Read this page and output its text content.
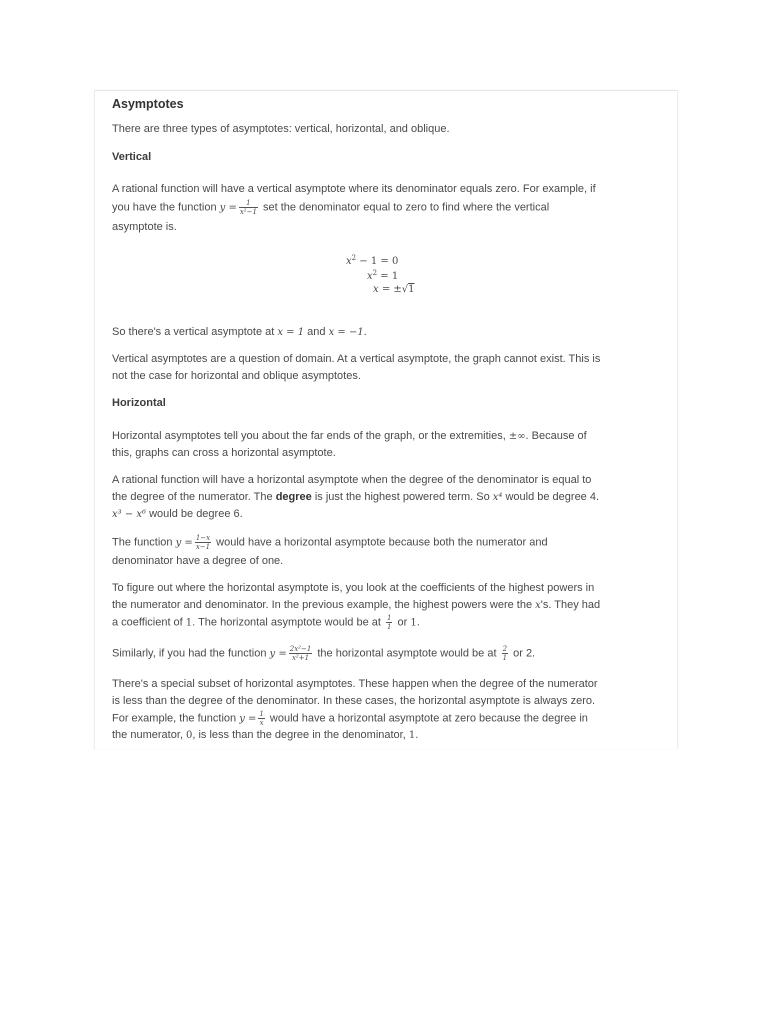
Asymptotes
There are three types of asymptotes: vertical, horizontal, and oblique.
Vertical
A rational function will have a vertical asymptote where its denominator equals zero. For example, if
you have the function $y = \frac{1}{\text{x²−1}}$ set the denominator equal to zero to find where the vertical
asymptote is.
$x^2 - 1 = 0$
$x^2 = 1$
x = ±√1
So there's a vertical asymptote at x = 1 and x = −1.
Vertical asymptotes are a question of domain. At a vertical asymptote, the graph cannot exist. This is
not the case for horizontal and oblique asymptotes.
Horizontal
Horizontal asymptotes tell you about the far ends of the graph, or the extremities, ±∞. Because of
this, graphs can cross a horizontal asymptote.
A rational function will have a horizontal asymptote when the degree of the denominator is equal to
the degree of the numerator. The degree is just the highest powered term. So x⁴ would be degree 4.
x³ − x⁶ would be degree 6.
The function $y = \frac{1-x}{x-1}$ would have a horizontal asymptote because both the numerator and
denominator have a degree of one.
To figure out where the horizontal asymptote is, you look at the coefficients of the highest powers in
the numerator and denominator. In the previous example, the highest powers were the x's. They had
a coefficient of 1. The horizontal asymptote would be at $\frac{1}{1}$ or 1.
Similarly, if you had the function $y = \frac{\text{2x²−1}}{\text{x²+1}}$ the horizontal asymptote would be at $\frac{2}{1}$ or 2.
There's a special subset of horizontal asymptotes. These happen when the degree of the numerator
is less than the degree of the denominator. In these cases, the horizontal asymptote is always zero.
For example, the function $y = \frac{1}{x}$ would have a horizontal asymptote at zero because the degree in
the numerator, 0, is less than the degree in the denominator, 1.
